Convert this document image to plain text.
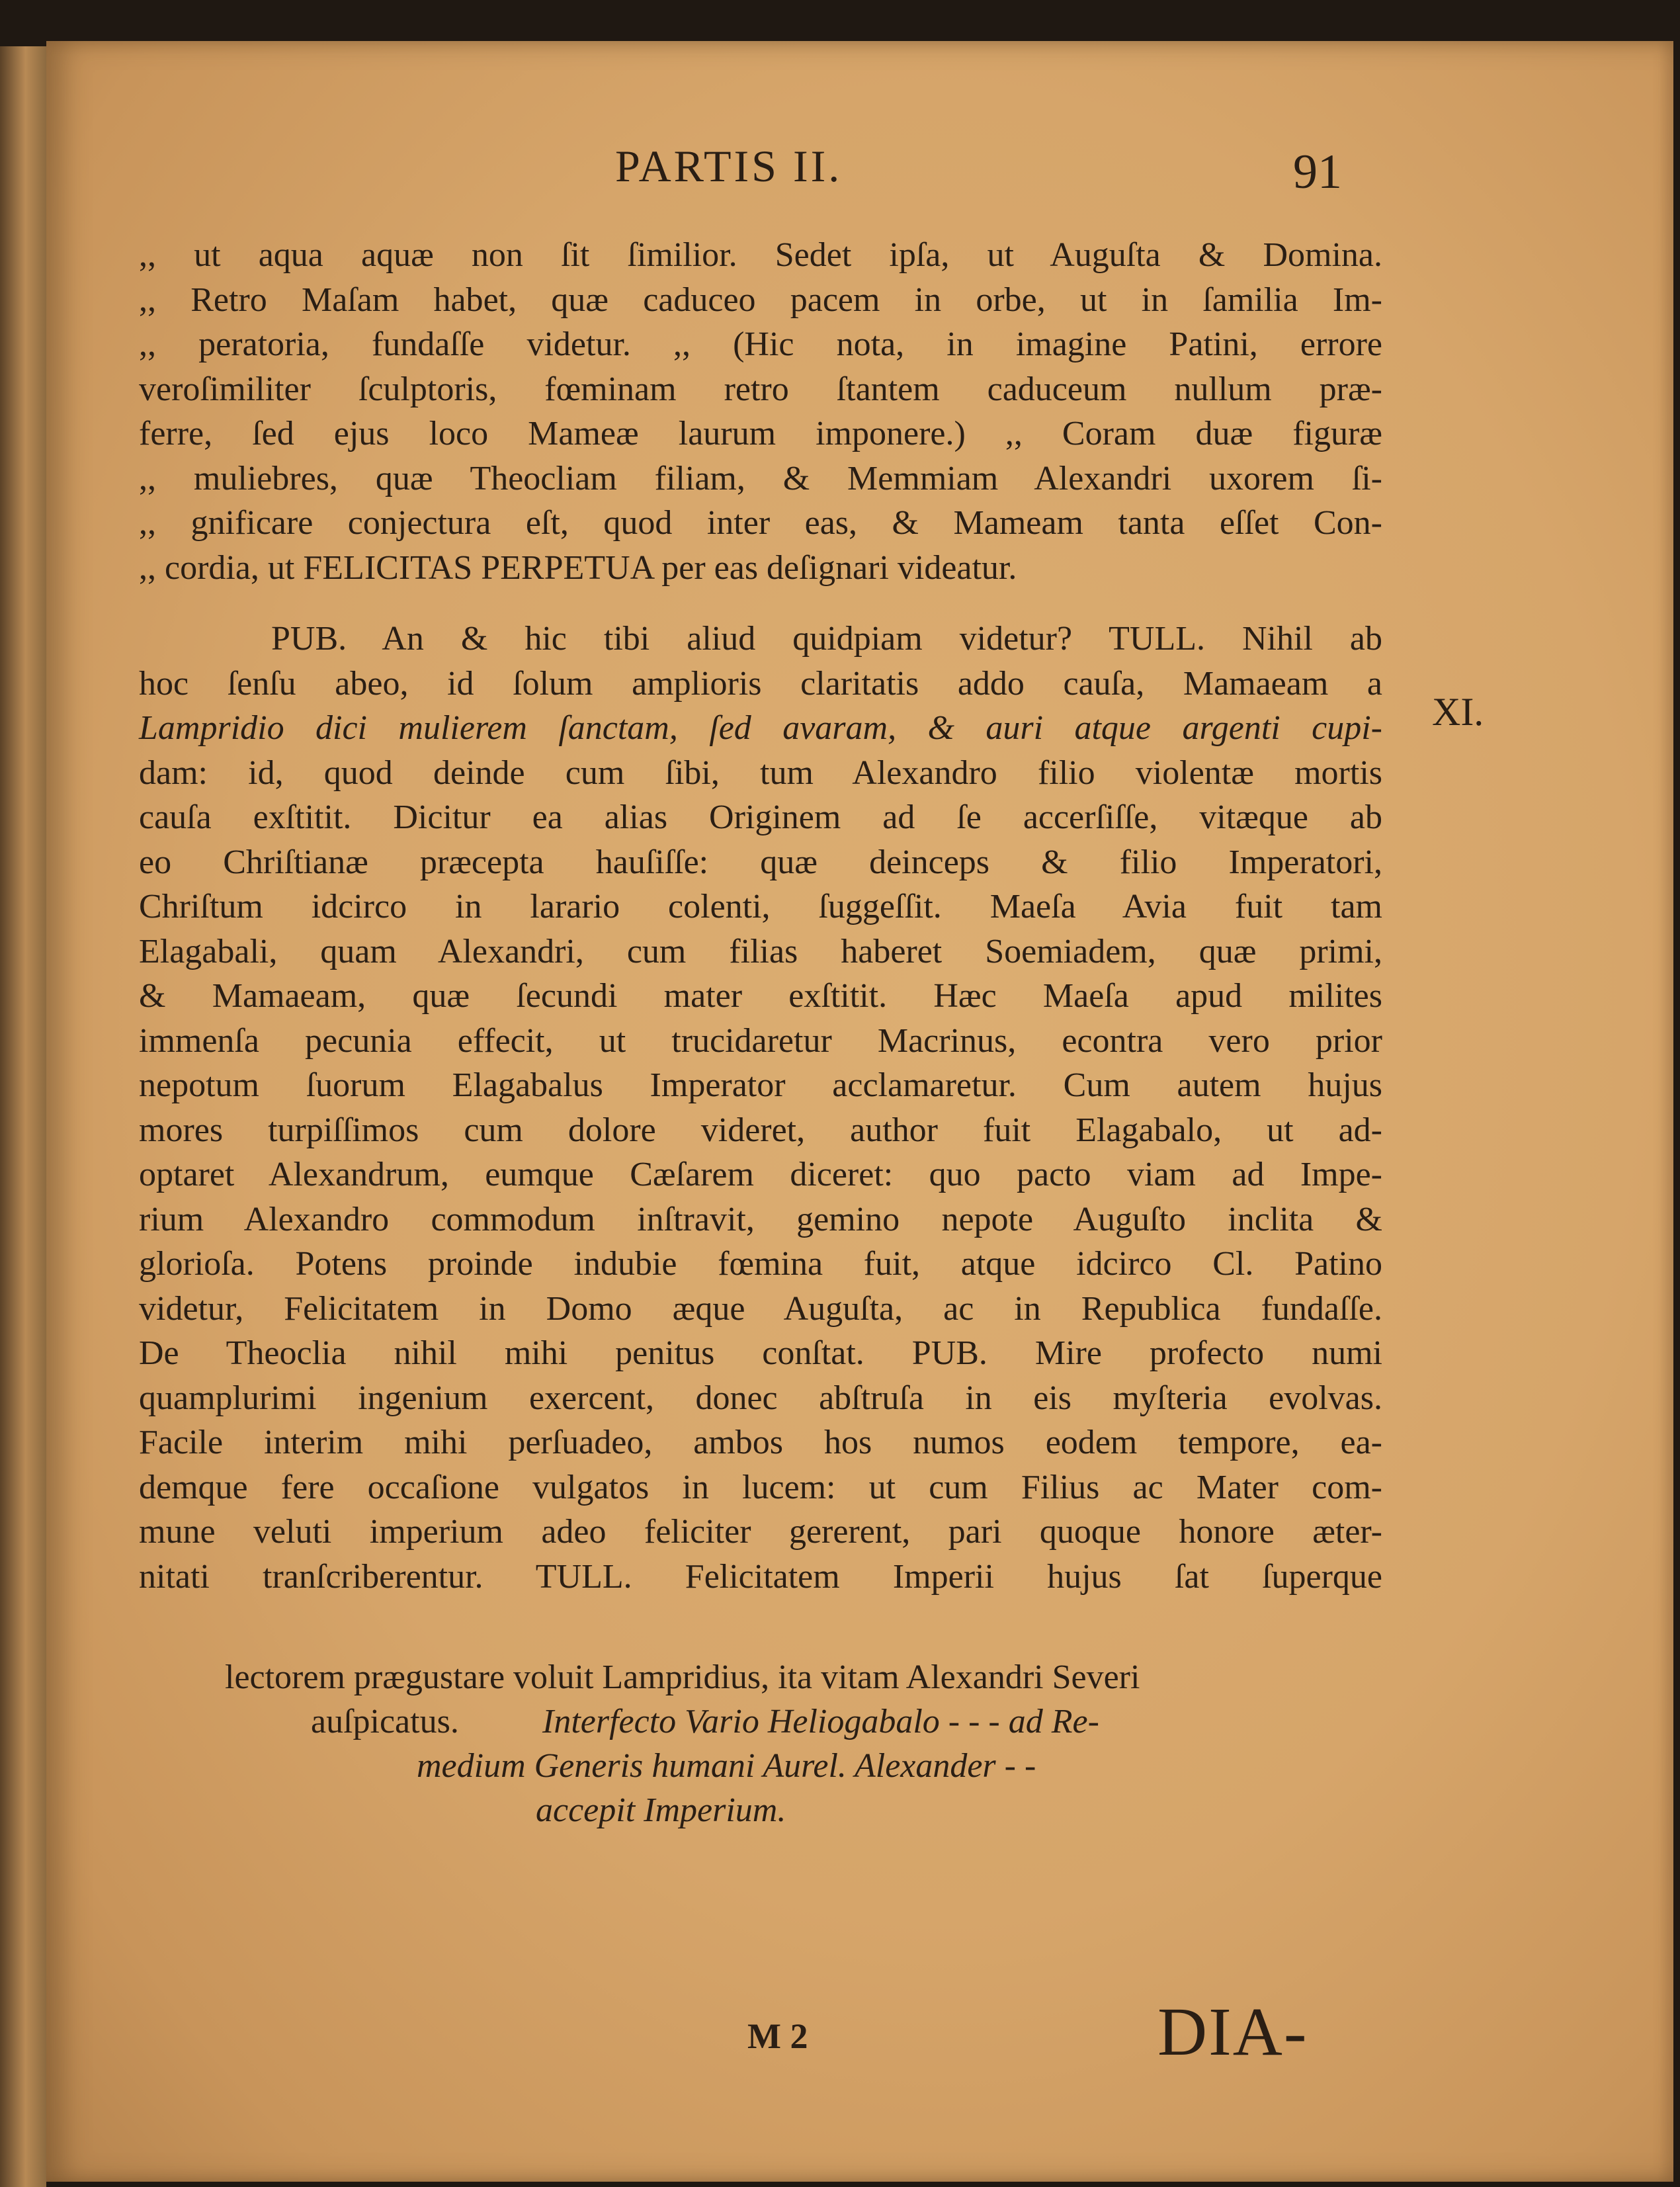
PARTIS II.	91
,, ut aqua aquæ non ſit ſimilior. Sedet ipſa, ut Auguſta & Domina.
,, Retro Maſam habet, quæ caduceo pacem in orbe, ut in ſamilia Im-
,, peratoria, fundaſſe videtur. ,, (Hic nota, in imagine Patini, errore
veroſimiliter ſculptoris, fœminam retro ſtantem caduceum nullum præ-
ferre, ſed ejus loco Mameæ laurum imponere.) ,, Coram duæ figuræ
,, muliebres, quæ Theocliam filiam, & Memmiam Alexandri uxorem ſi-
,, gnificare conjectura eſt, quod inter eas, & Mameam tanta eſſet Con-
,, cordia, ut FELICITAS PERPETUA per eas deſignari videatur.
PUB. An & hic tibi aliud quidpiam videtur? TULL. Nihil ab
hoc ſenſu abeo, id ſolum amplioris claritatis addo cauſa, Mamaeam a
Lampridio dici mulierem ſanctam, ſed avaram, & auri atque argenti cupi-
dam: id, quod deinde cum ſibi, tum Alexandro filio violentæ mortis
cauſa exſtitit. Dicitur ea alias Originem ad ſe accerſiſſe, vitæque ab
eo Chriſtianæ præcepta hauſiſſe: quæ deinceps & filio Imperatori,
Chriſtum idcirco in larario colenti, ſuggeſſit. Maeſa Avia fuit tam
Elagabali, quam Alexandri, cum filias haberet Soemiadem, quæ primi,
& Mamaeam, quæ ſecundi mater exſtitit. Hæc Maeſa apud milites
immenſa pecunia effecit, ut trucidaretur Macrinus, econtra vero prior
nepotum ſuorum Elagabalus Imperator acclamaretur. Cum autem hujus
mores turpiſſimos cum dolore videret, author fuit Elagabalo, ut ad-
optaret Alexandrum, eumque Cæſarem diceret: quo pacto viam ad Impe-
rium Alexandro commodum inſtravit, gemino nepote Auguſto inclita &
glorioſa. Potens proinde indubie fœmina fuit, atque idcirco Cl. Patino
videtur, Felicitatem in Domo æque Auguſta, ac in Republica fundaſſe.
De Theoclia nihil mihi penitus conſtat. PUB. Mire profecto numi
quamplurimi ingenium exercent, donec abſtruſa in eis myſteria evolvas.
Facile interim mihi perſuadeo, ambos hos numos eodem tempore, ea-
demque fere occaſione vulgatos in lucem: ut cum Filius ac Mater com-
mune veluti imperium adeo feliciter gererent, pari quoque honore æter-
nitati tranſcriberentur. TULL. Felicitatem Imperii hujus ſat ſuperque
XI.
lectorem prægustare voluit Lampridius, ita vitam Alexandri Severi
auſpicatus.	Interfecto Vario Heliogabalo - - - ad Re-
medium Generis humani Aurel. Alexander - -
accepit Imperium.
M 2	DIA-
